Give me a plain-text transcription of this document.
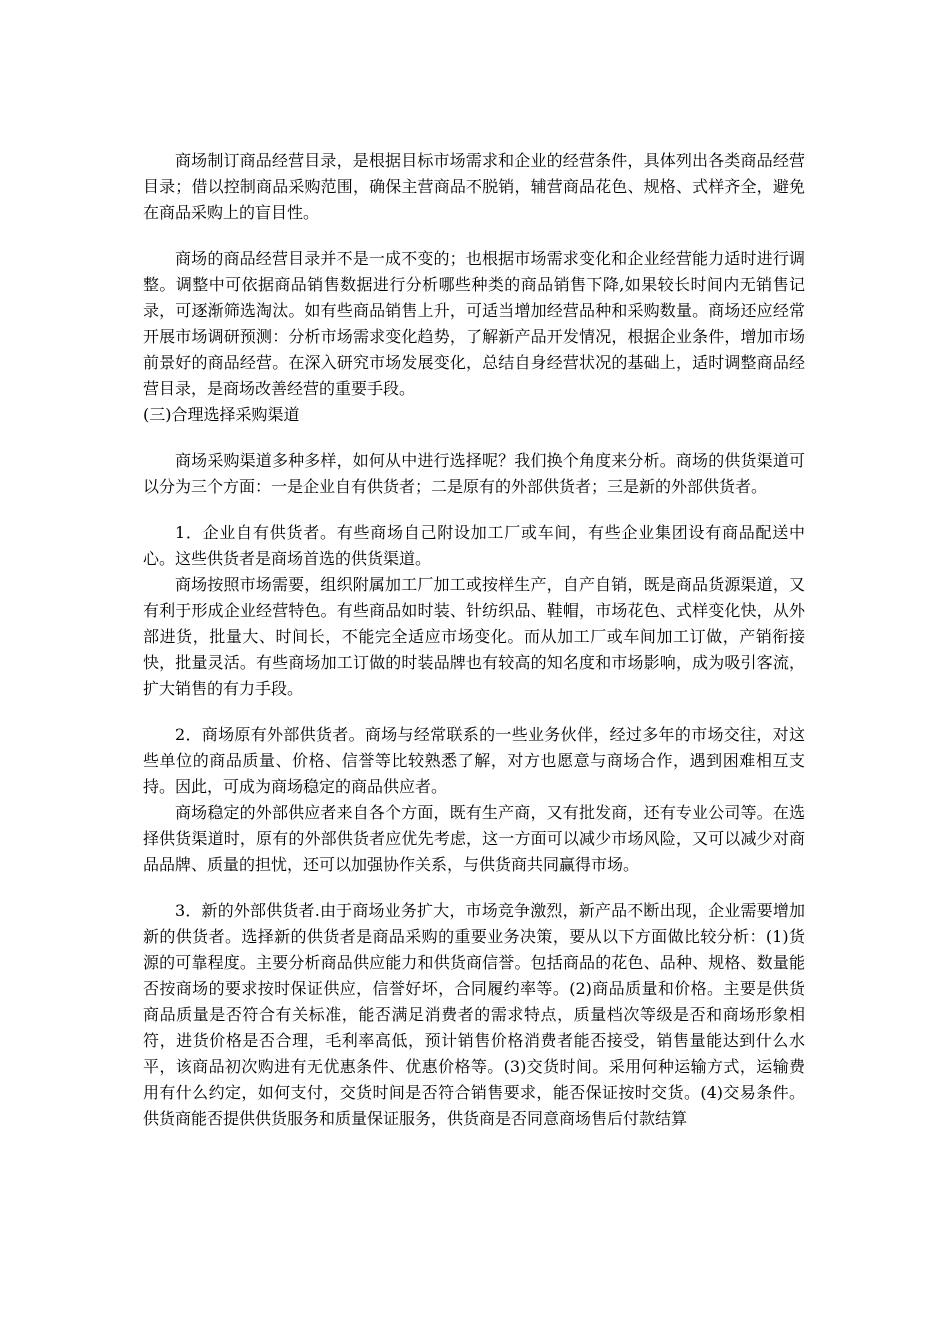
商场制订商品经营目录，是根据目标市场需求和企业的经营条件，具体列出各类商品经营目录；借以控制商品采购范围，确保主营商品不脱销，辅营商品花色、规格、式样齐全，避免在商品采购上的盲目性。

商场的商品经营目录并不是一成不变的；也根据市场需求变化和企业经营能力适时进行调整。调整中可依据商品销售数据进行分析哪些种类的商品销售下降,如果较长时间内无销售记录，可逐渐筛选淘汰。如有些商品销售上升，可适当增加经营品种和采购数量。商场还应经常开展市场调研预测：分析市场需求变化趋势，了解新产品开发情况，根据企业条件，增加市场前景好的商品经营。在深入研究市场发展变化，总结自身经营状况的基础上，适时调整商品经营目录，是商场改善经营的重要手段。

(三)合理选择采购渠道

商场采购渠道多种多样，如何从中进行选择呢？我们换个角度来分析。商场的供货渠道可以分为三个方面：一是企业自有供货者；二是原有的外部供货者；三是新的外部供货者。

1．企业自有供货者。有些商场自己附设加工厂或车间，有些企业集团设有商品配送中心。这些供货者是商场首选的供货渠道。

商场按照市场需要，组织附属加工厂加工或按样生产，自产自销，既是商品货源渠道，又有利于形成企业经营特色。有些商品如时装、针纺织品、鞋帽，市场花色、式样变化快，从外部进货，批量大、时间长，不能完全适应市场变化。而从加工厂或车间加工订做，产销衔接快，批量灵活。有些商场加工订做的时装品牌也有较高的知名度和市场影响，成为吸引客流，扩大销售的有力手段。

2．商场原有外部供货者。商场与经常联系的一些业务伙伴，经过多年的市场交往，对这些单位的商品质量、价格、信誉等比较熟悉了解，对方也愿意与商场合作，遇到困难相互支持。因此，可成为商场稳定的商品供应者。

商场稳定的外部供应者来自各个方面，既有生产商，又有批发商，还有专业公司等。在选择供货渠道时，原有的外部供货者应优先考虑，这一方面可以减少市场风险，又可以减少对商品品牌、质量的担忧，还可以加强协作关系，与供货商共同赢得市场。

3．新的外部供货者.由于商场业务扩大，市场竞争激烈，新产品不断出现，企业需要增加新的供货者。选择新的供货者是商品采购的重要业务决策，要从以下方面做比较分析：(1)货源的可靠程度。主要分析商品供应能力和供货商信誉。包括商品的花色、品种、规格、数量能否按商场的要求按时保证供应，信誉好坏，合同履约率等。(2)商品质量和价格。主要是供货商品质量是否符合有关标准，能否满足消费者的需求特点，质量档次等级是否和商场形象相符，进货价格是否合理，毛利率高低，预计销售价格消费者能否接受，销售量能达到什么水平，该商品初次购进有无优惠条件、优惠价格等。(3)交货时间。采用何种运输方式，运输费用有什么约定，如何支付，交货时间是否符合销售要求，能否保证按时交货。(4)交易条件。供货商能否提供供货服务和质量保证服务，供货商是否同意商场售后付款结算
